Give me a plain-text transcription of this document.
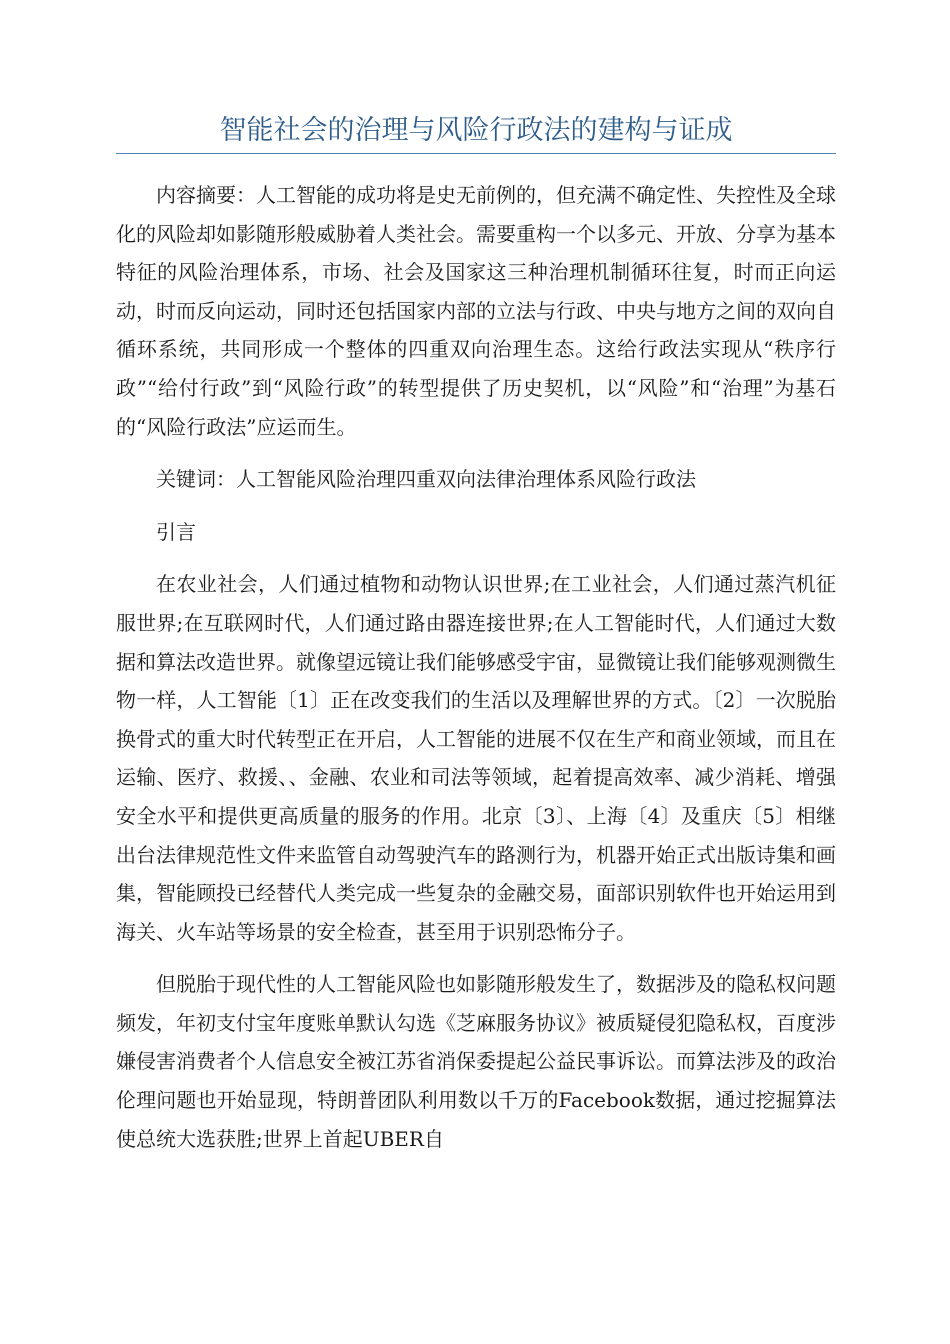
智能社会的治理与风险行政法的建构与证成

内容摘要：人工智能的成功将是史无前例的，但充满不确定性、失控性及全球化的风险却如影随形般威胁着人类社会。需要重构一个以多元、开放、分享为基本特征的风险治理体系，市场、社会及国家这三种治理机制循环往复，时而正向运动，时而反向运动，同时还包括国家内部的立法与行政、中央与地方之间的双向自循环系统，共同形成一个整体的四重双向治理生态。这给行政法实现从“秩序行政”“给付行政”到“风险行政”的转型提供了历史契机，以“风险”和“治理”为基石的“风险行政法”应运而生。

关键词：人工智能风险治理四重双向法律治理体系风险行政法

引言

在农业社会，人们通过植物和动物认识世界;在工业社会，人们通过蒸汽机征服世界;在互联网时代，人们通过路由器连接世界;在人工智能时代，人们通过大数据和算法改造世界。就像望远镜让我们能够感受宇宙，显微镜让我们能够观测微生物一样，人工智能〔1〕正在改变我们的生活以及理解世界的方式。〔2〕一次脱胎换骨式的重大时代转型正在开启，人工智能的进展不仅在生产和商业领域，而且在运输、医疗、救援、、金融、农业和司法等领域，起着提高效率、减少消耗、增强安全水平和提供更高质量的服务的作用。北京〔3〕、上海〔4〕及重庆〔5〕相继出台法律规范性文件来监管自动驾驶汽车的路测行为，机器开始正式出版诗集和画集，智能顾投已经替代人类完成一些复杂的金融交易，面部识别软件也开始运用到海关、火车站等场景的安全检查，甚至用于识别恐怖分子。

但脱胎于现代性的人工智能风险也如影随形般发生了，数据涉及的隐私权问题频发，年初支付宝年度账单默认勾选《芝麻服务协议》被质疑侵犯隐私权，百度涉嫌侵害消费者个人信息安全被江苏省消保委提起公益民事诉讼。而算法涉及的政治伦理问题也开始显现，特朗普团队利用数以千万的Facebook数据，通过挖掘算法使总统大选获胜;世界上首起UBER自
